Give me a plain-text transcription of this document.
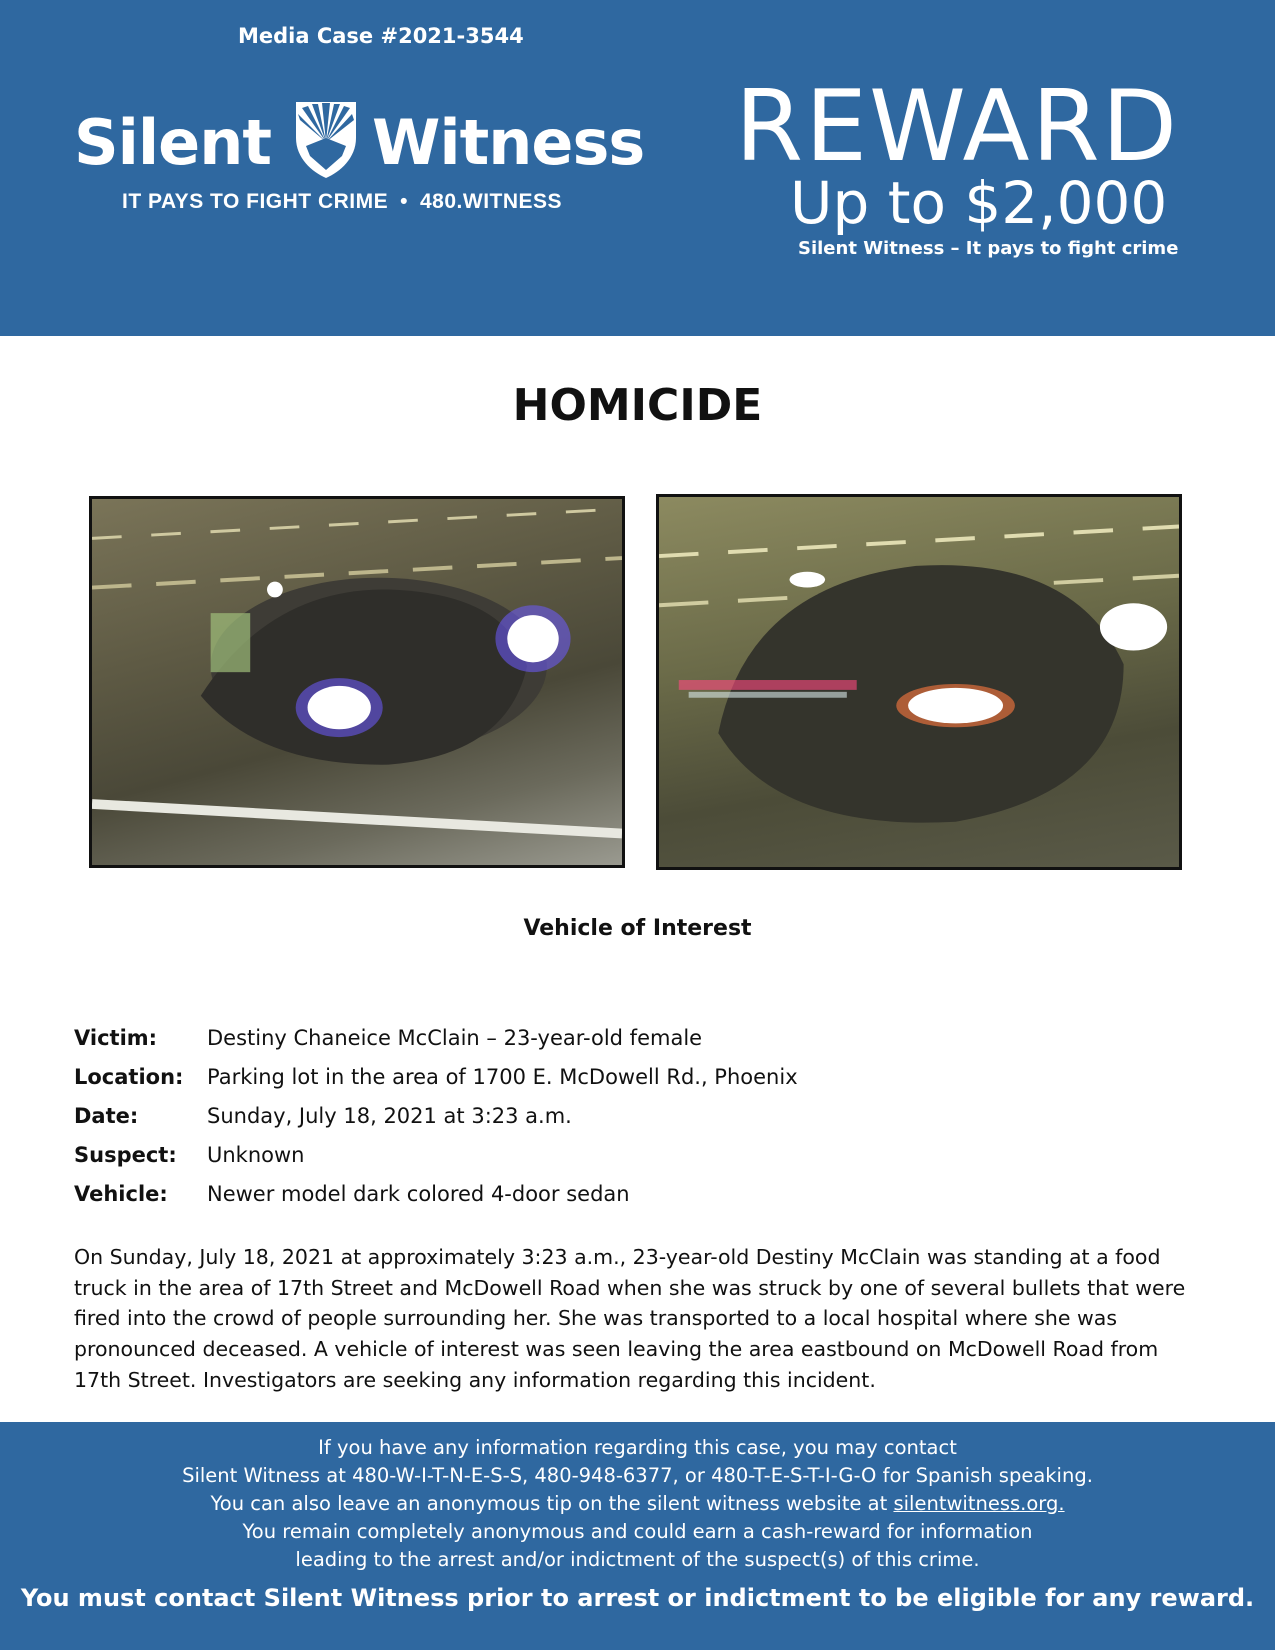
Media Case #2021-3544
Silent Witness
IT PAYS TO FIGHT CRIME • 480.WITNESS
REWARD
Up to $2,000
Silent Witness – It pays to fight crime
HOMICIDE
Vehicle of Interest
Victim:	Destiny Chaneice McClain – 23-year-old female
Location:	Parking lot in the area of 1700 E. McDowell Rd., Phoenix
Date:	Sunday, July 18, 2021 at 3:23 a.m.
Suspect:	Unknown
Vehicle:	Newer model dark colored 4-door sedan

On Sunday, July 18, 2021 at approximately 3:23 a.m., 23-year-old Destiny McClain was standing at a food truck in the area of 17th Street and McDowell Road when she was struck by one of several bullets that were fired into the crowd of people surrounding her. She was transported to a local hospital where she was pronounced deceased. A vehicle of interest was seen leaving the area eastbound on McDowell Road from 17th Street. Investigators are seeking any information regarding this incident.

If you have any information regarding this case, you may contact
Silent Witness at 480-W-I-T-N-E-S-S, 480-948-6377, or 480-T-E-S-T-I-G-O for Spanish speaking.
You can also leave an anonymous tip on the silent witness website at silentwitness.org.
You remain completely anonymous and could earn a cash-reward for information
leading to the arrest and/or indictment of the suspect(s) of this crime.
You must contact Silent Witness prior to arrest or indictment to be eligible for any reward.
